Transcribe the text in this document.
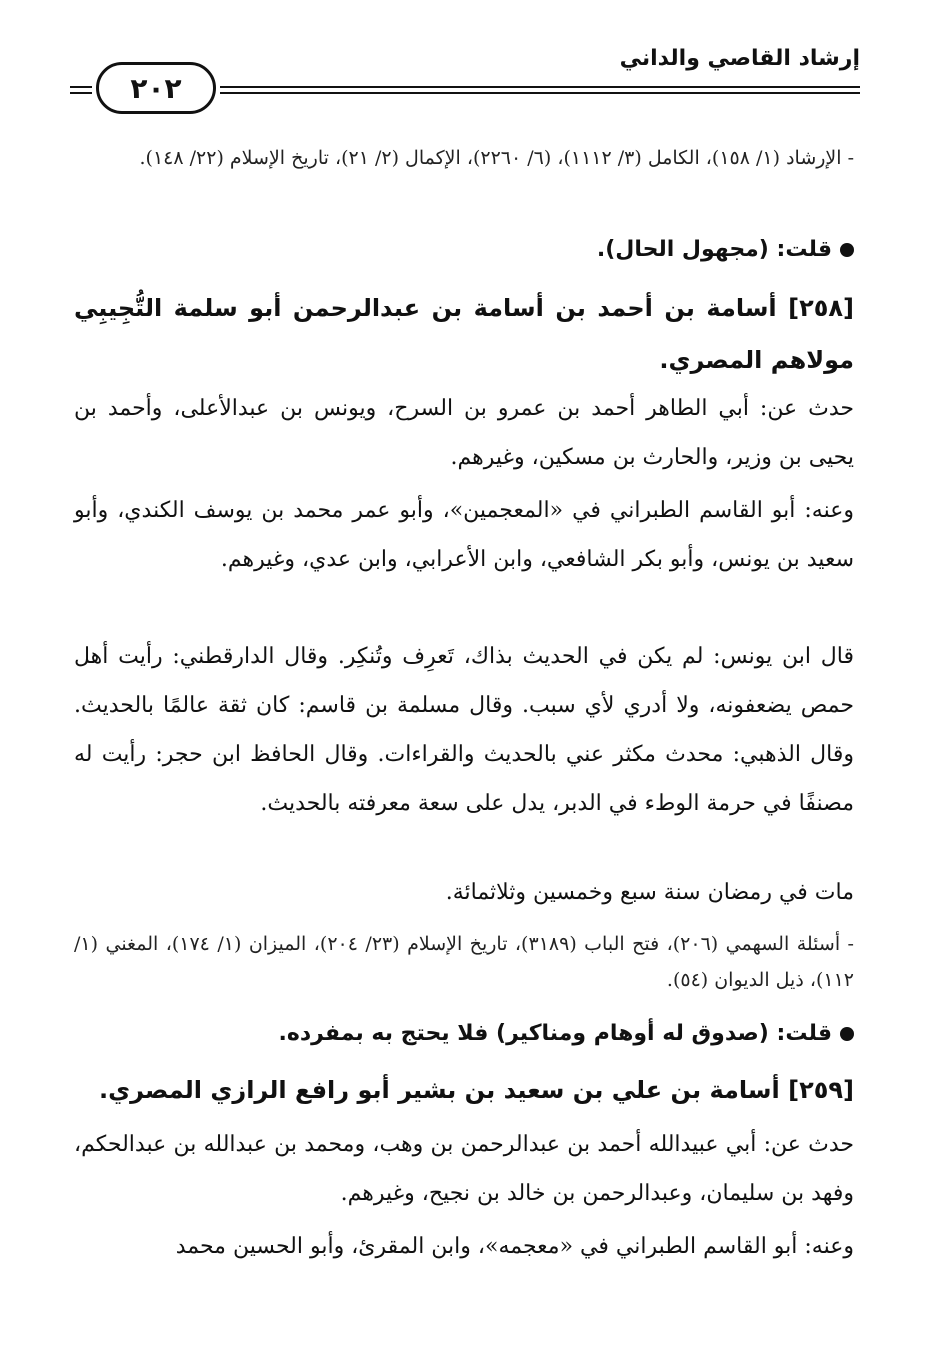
إرشاد القاصي والداني
٢٠٢
- الإرشاد (١/ ١٥٨)، الكامل (٣/ ١١١٢)، (٦/ ٢٢٦٠)، الإكمال (٢/ ٢١)، تاريخ الإسلام (٢٢/ ١٤٨).
قلت: (مجهول الحال).
[٢٥٨] أسامة بن أحمد بن أسامة بن عبدالرحمن أبو سلمة التُّجِيبِي مولاهم المصري.
حدث عن: أبي الطاهر أحمد بن عمرو بن السرح، ويونس بن عبدالأعلى، وأحمد بن يحيى بن وزير، والحارث بن مسكين، وغيرهم.
وعنه: أبو القاسم الطبراني في «المعجمين»، وأبو عمر محمد بن يوسف الكندي، وأبو سعيد بن يونس، وأبو بكر الشافعي، وابن الأعرابي، وابن عدي، وغيرهم.
قال ابن يونس: لم يكن في الحديث بذاك، تَعرِف وتُنكِر. وقال الدارقطني: رأيت أهل حمص يضعفونه، ولا أدري لأي سبب. وقال مسلمة بن قاسم: كان ثقة عالمًا بالحديث. وقال الذهبي: محدث مكثر عني بالحديث والقراءات. وقال الحافظ ابن حجر: رأيت له مصنفًا في حرمة الوطء في الدبر، يدل على سعة معرفته بالحديث.
مات في رمضان سنة سبع وخمسين وثلاثمائة.
- أسئلة السهمي (٢٠٦)، فتح الباب (٣١٨٩)، تاريخ الإسلام (٢٣/ ٢٠٤)، الميزان (١/ ١٧٤)، المغني (١/ ١١٢)، ذيل الديوان (٥٤).
قلت: (صدوق له أوهام ومناكير) فلا يحتج به بمفرده.
[٢٥٩] أسامة بن علي بن سعيد بن بشير أبو رافع الرازي المصري.
حدث عن: أبي عبيدالله أحمد بن عبدالرحمن بن وهب، ومحمد بن عبدالله بن عبدالحكم، وفهد بن سليمان، وعبدالرحمن بن خالد بن نجيح، وغيرهم.
وعنه: أبو القاسم الطبراني في «معجمه»، وابن المقرئ، وأبو الحسين محمد
